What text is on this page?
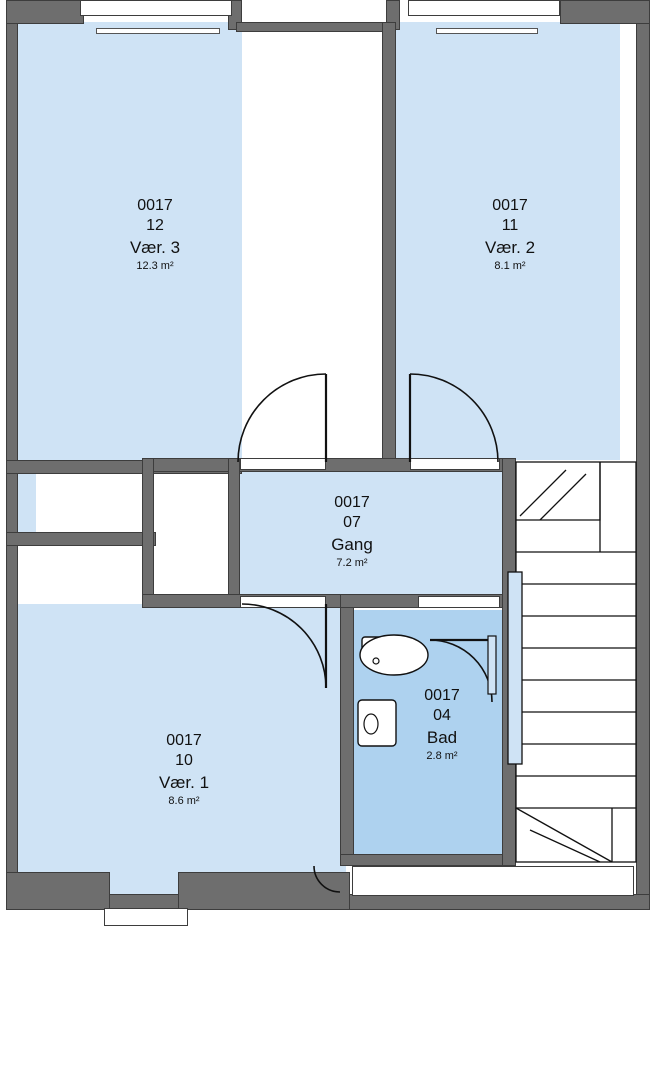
0017
12
Vær. 3
12.3 m²
0017
11
Vær. 2
8.1 m²
0017
07
Gang
7.2 m²
0017
04
Bad
2.8 m²
0017
10
Vær. 1
8.6 m²
